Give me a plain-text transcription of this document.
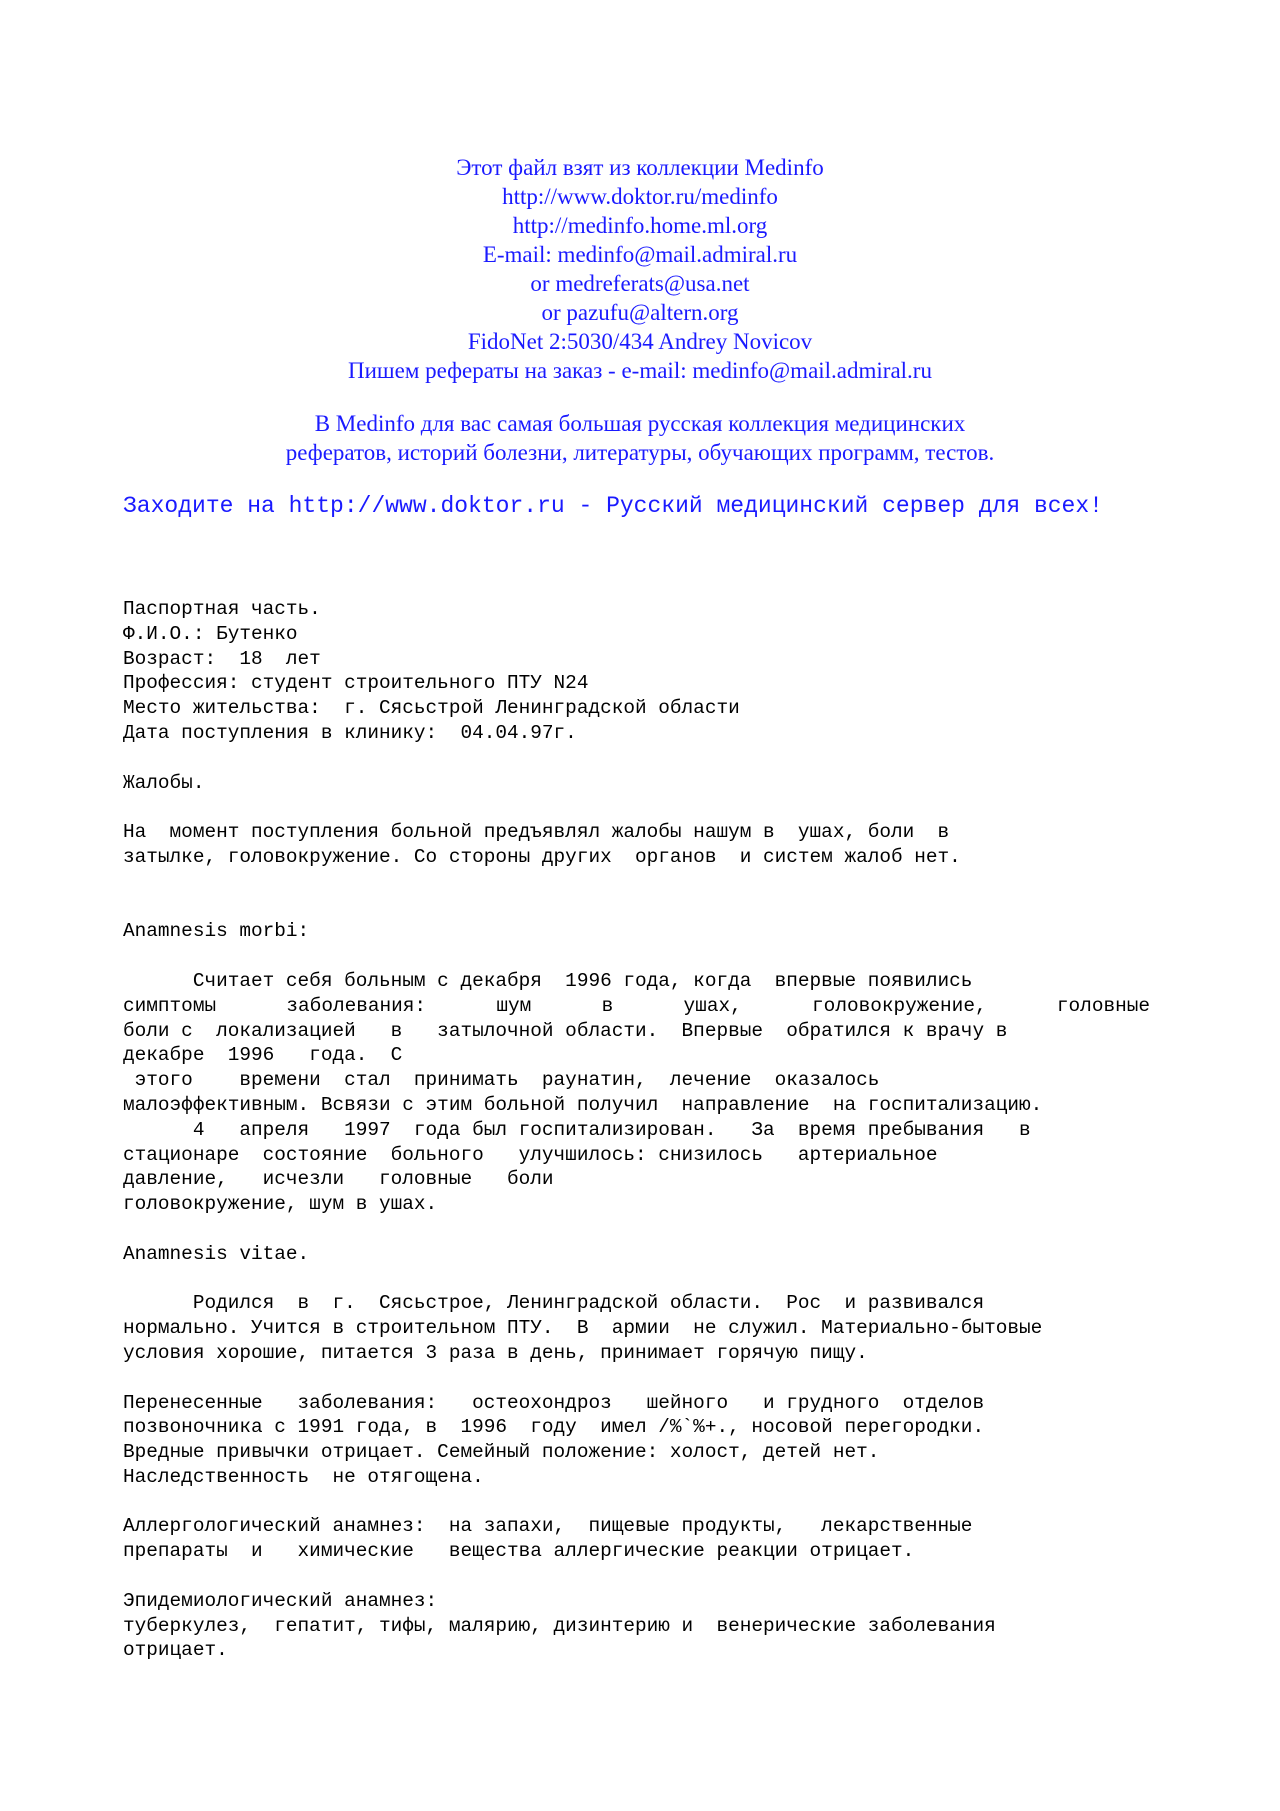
Этот файл взят из коллекции Medinfo
http://www.doktor.ru/medinfo
http://medinfo.home.ml.org
E-mail: medinfo@mail.admiral.ru
or medreferats@usa.net
or pazufu@altern.org
FidoNet 2:5030/434 Andrey Novicov
Пишем рефераты на заказ - e-mail: medinfo@mail.admiral.ru
В Medinfo для вас самая большая русская коллекция медицинских
рефератов, историй болезни, литературы, обучающих программ, тестов.
Заходите на http://www.doktor.ru - Русский медицинский сервер для всех!
Паспортная часть.
Ф.И.О.: Бутенко
Возраст:  18  лет
Профессия: студент строительного ПТУ N24
Место жительства:  г. Сясьстрой Ленинградской области
Дата поступления в клинику:  04.04.97г.
Жалобы.
На  момент поступления больной предъявлял жалобы нашум в  ушах, боли  в
затылке, головокружение. Со стороны других  органов  и систем жалоб нет.
Anamnesis morbi:
Считает себя больным с декабря  1996 года, когда  впервые появились
симптомы заболевания: шум в ушах, головокружение, головные
боли с  локализацией   в   затылочной области.  Впервые  обратился к врачу в
декабре  1996   года.  С
этого    времени  стал  принимать  раунатин,  лечение  оказалось
малоэффективным. Всвязи с этим больной получил  направление  на госпитализацию.
4   апреля   1997  года был госпитализирован.   За  время пребывания   в
стационаре  состояние  больного   улучшилось: снизилось   артериальное
давление,   исчезли   головные   боли
головокружение, шум в ушах.
Anamnesis vitae.
Родился  в  г.  Сясьстрое, Ленинградской области.  Рос  и развивался
нормально. Учится в строительном ПТУ.  В  армии  не служил. Материально-бытовые
условия хорошие, питается 3 раза в день, принимает горячую пищу.
Перенесенные   заболевания:   остеохондроз   шейного   и грудного  отделов
позвоночника с 1991 года, в  1996  году  имел /%`%+., носовой перегородки.
Вредные привычки отрицает. Семейный положение: холост, детей нет.
Наследственность  не отягощена.
Аллергологический анамнез:  на запахи,  пищевые продукты,   лекарственные
препараты  и   химические   вещества аллергические реакции отрицает.
Эпидемиологический анамнез:
туберкулез,  гепатит, тифы, малярию, дизинтерию и  венерические заболевания
отрицает.
